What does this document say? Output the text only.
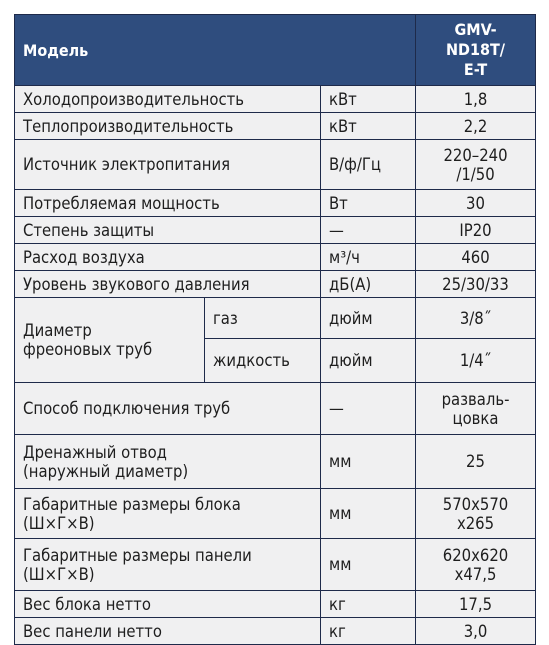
Модель			GMV-
ND18T/
E-T
Холодопроизводительность		кВт	1,8
Теплопроизводительность		кВт	2,2
Источник электропитания		В/ф/Гц	220–240
/1/50
Потребляемая мощность		Вт	30
Степень защиты		—	IP20
Расход воздуха		м³/ч	460
Уровень звукового давления		дБ(А)	25/30/33
Диаметр
фреоновых труб	газ	дюйм	3/8˝
	жидкость	дюйм	1/4˝
Способ подключения труб		—	разваль-
цовка
Дренажный отвод
(наружный диаметр)		мм	25
Габаритные размеры блока
(Ш×Г×В)		мм	570x570
x265
Габаритные размеры панели
(Ш×Г×В)		мм	620x620
x47,5
Вес блока нетто		кг	17,5
Вес панели нетто		кг	3,0
